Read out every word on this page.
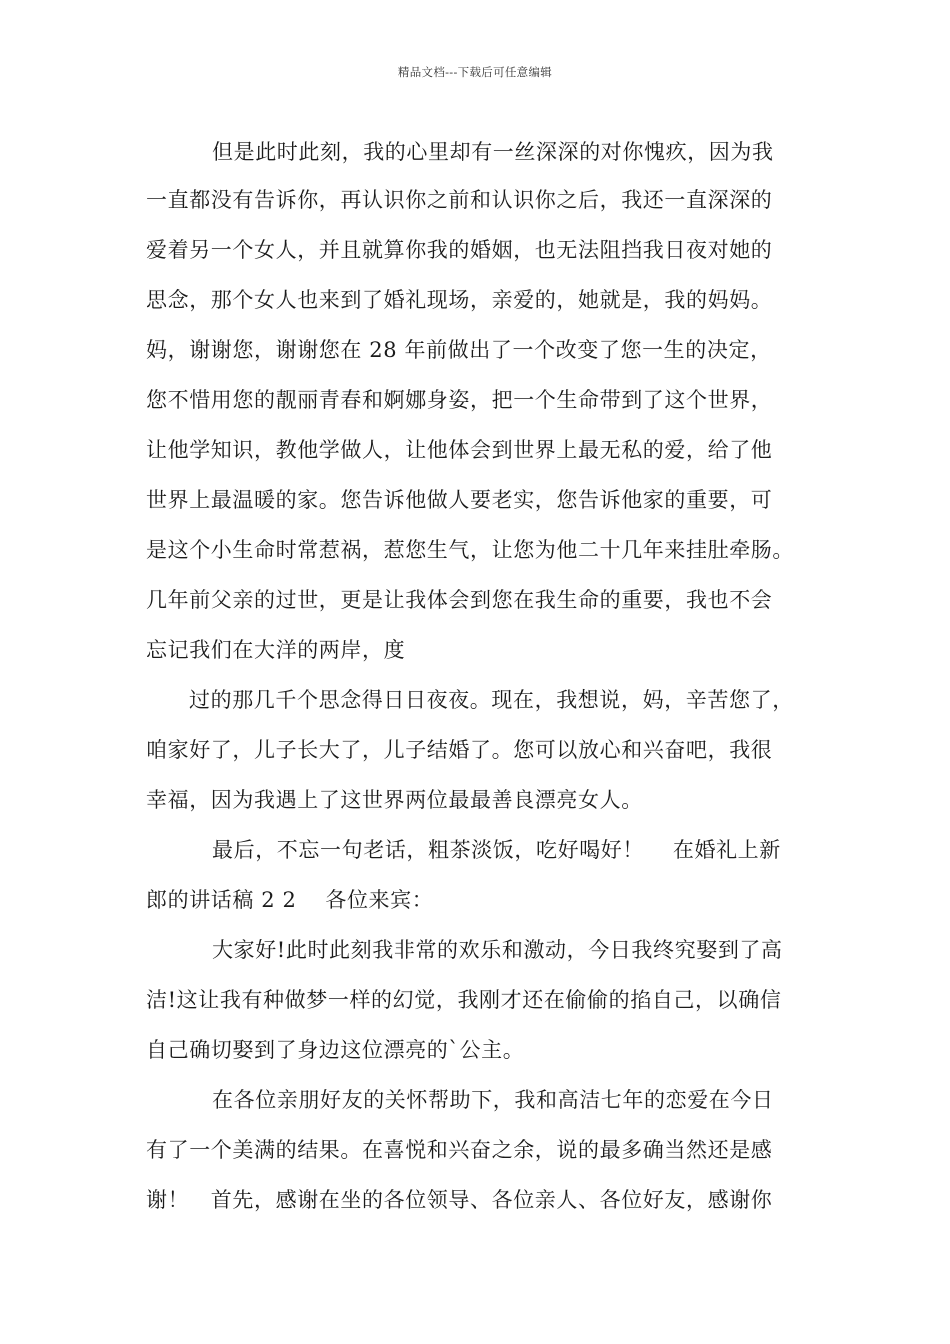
精品文档---下载后可任意编辑
但是此时此刻，我的心里却有一丝深深的对你愧疚，因为我
一直都没有告诉你，再认识你之前和认识你之后，我还一直深深的
爱着另一个女人，并且就算你我的婚姻，也无法阻挡我日夜对她的
思念，那个女人也来到了婚礼现场，亲爱的，她就是，我的妈妈。
妈，谢谢您，谢谢您在 28 年前做出了一个改变了您一生的决定，
您不惜用您的靓丽青春和婀娜身姿，把一个生命带到了这个世界，
让他学知识，教他学做人，让他体会到世界上最无私的爱，给了他
世界上最温暖的家。您告诉他做人要老实，您告诉他家的重要，可
是这个小生命时常惹祸，惹您生气，让您为他二十几年来挂肚牵肠。
几年前父亲的过世，更是让我体会到您在我生命的重要，我也不会
忘记我们在大洋的两岸，度
过的那几千个思念得日日夜夜。现在，我想说，妈，辛苦您了，
咱家好了，儿子长大了，儿子结婚了。您可以放心和兴奋吧，我很
幸福，因为我遇上了这世界两位最最善良漂亮女人。
最后，不忘一句老话，粗茶淡饭，吃好喝好！　 在婚礼上新
郎的讲话稿 2 2　 各位来宾：
大家好!此时此刻我非常的欢乐和激动，今日我终究娶到了高
洁!这让我有种做梦一样的幻觉，我刚才还在偷偷的掐自己，以确信
自己确切娶到了身边这位漂亮的`公主。
在各位亲朋好友的关怀帮助下，我和高洁七年的恋爱在今日
有了一个美满的结果。在喜悦和兴奋之余，说的最多确当然还是感
谢！　首先，感谢在坐的各位领导、各位亲人、各位好友，感谢你
